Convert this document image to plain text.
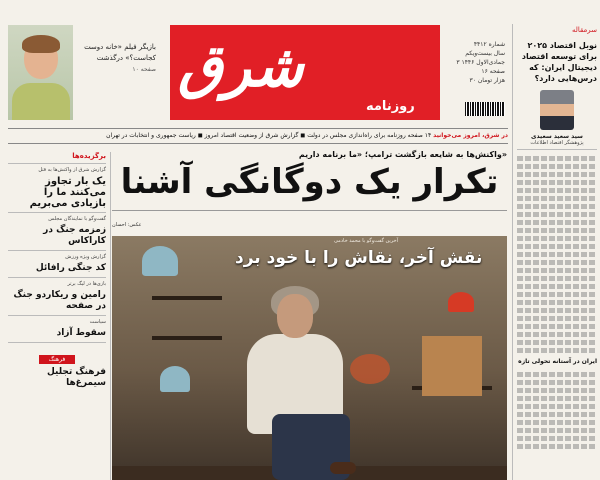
شرق
روزنامه
شماره ۴۴۱۲
سال بیست‌ویکم
۳ جمادی‌الاول ۱۴۴۶
۱۶ صفحه
۳۰ هزار تومان
بازیگر فیلم «خانه دوست کجاست؟» درگذشت
صفحه ۱۰
در شرق، امروز می‌خوانید ۱۴ صفحه روزنامه برای راه‌اندازی مجلس در دولت ◼ گزارش شرق از وضعیت اقتصاد امروز ◼ ریاست جمهوری و انتخابات در تهران
سرمقاله
نوبل اقتصاد ۲۰۲۵ برای توسعه اقتصاد دیجیتال ایران: که درس‌هایی دارد؟
سید سعید سعیدی
پژوهشگر اقتصاد اطلاعات
ایران در آستانه تحولی تازه
برگزیده‌ها
گزارش شرق از واکنش‌ها به قتل
یک بار تجاوز می‌کنند ما را بازیادی می‌بریم
گفت‌وگو با نمایندگان مجلس
زمزمه جنگ در کاراکاس
گزارش ویژه ورزش
کد جنگی رافائل
بازی‌ها در لیگ برتر
رامین و ریکاردو جنگ در صفحه
سیاست
سقوط آزاد
فرهنگ
فرهنگ تجلیل سیمرغ‌ها
واکنش‌ها به شایعه بازگشت ترامپ؛ «ما برنامه داریم»
تکرار یک دوگانگی آشنا
عکس: احسان
آخرین گفت‌وگو با محمد خادمی
نقش آخر، نقاش را با خود برد
